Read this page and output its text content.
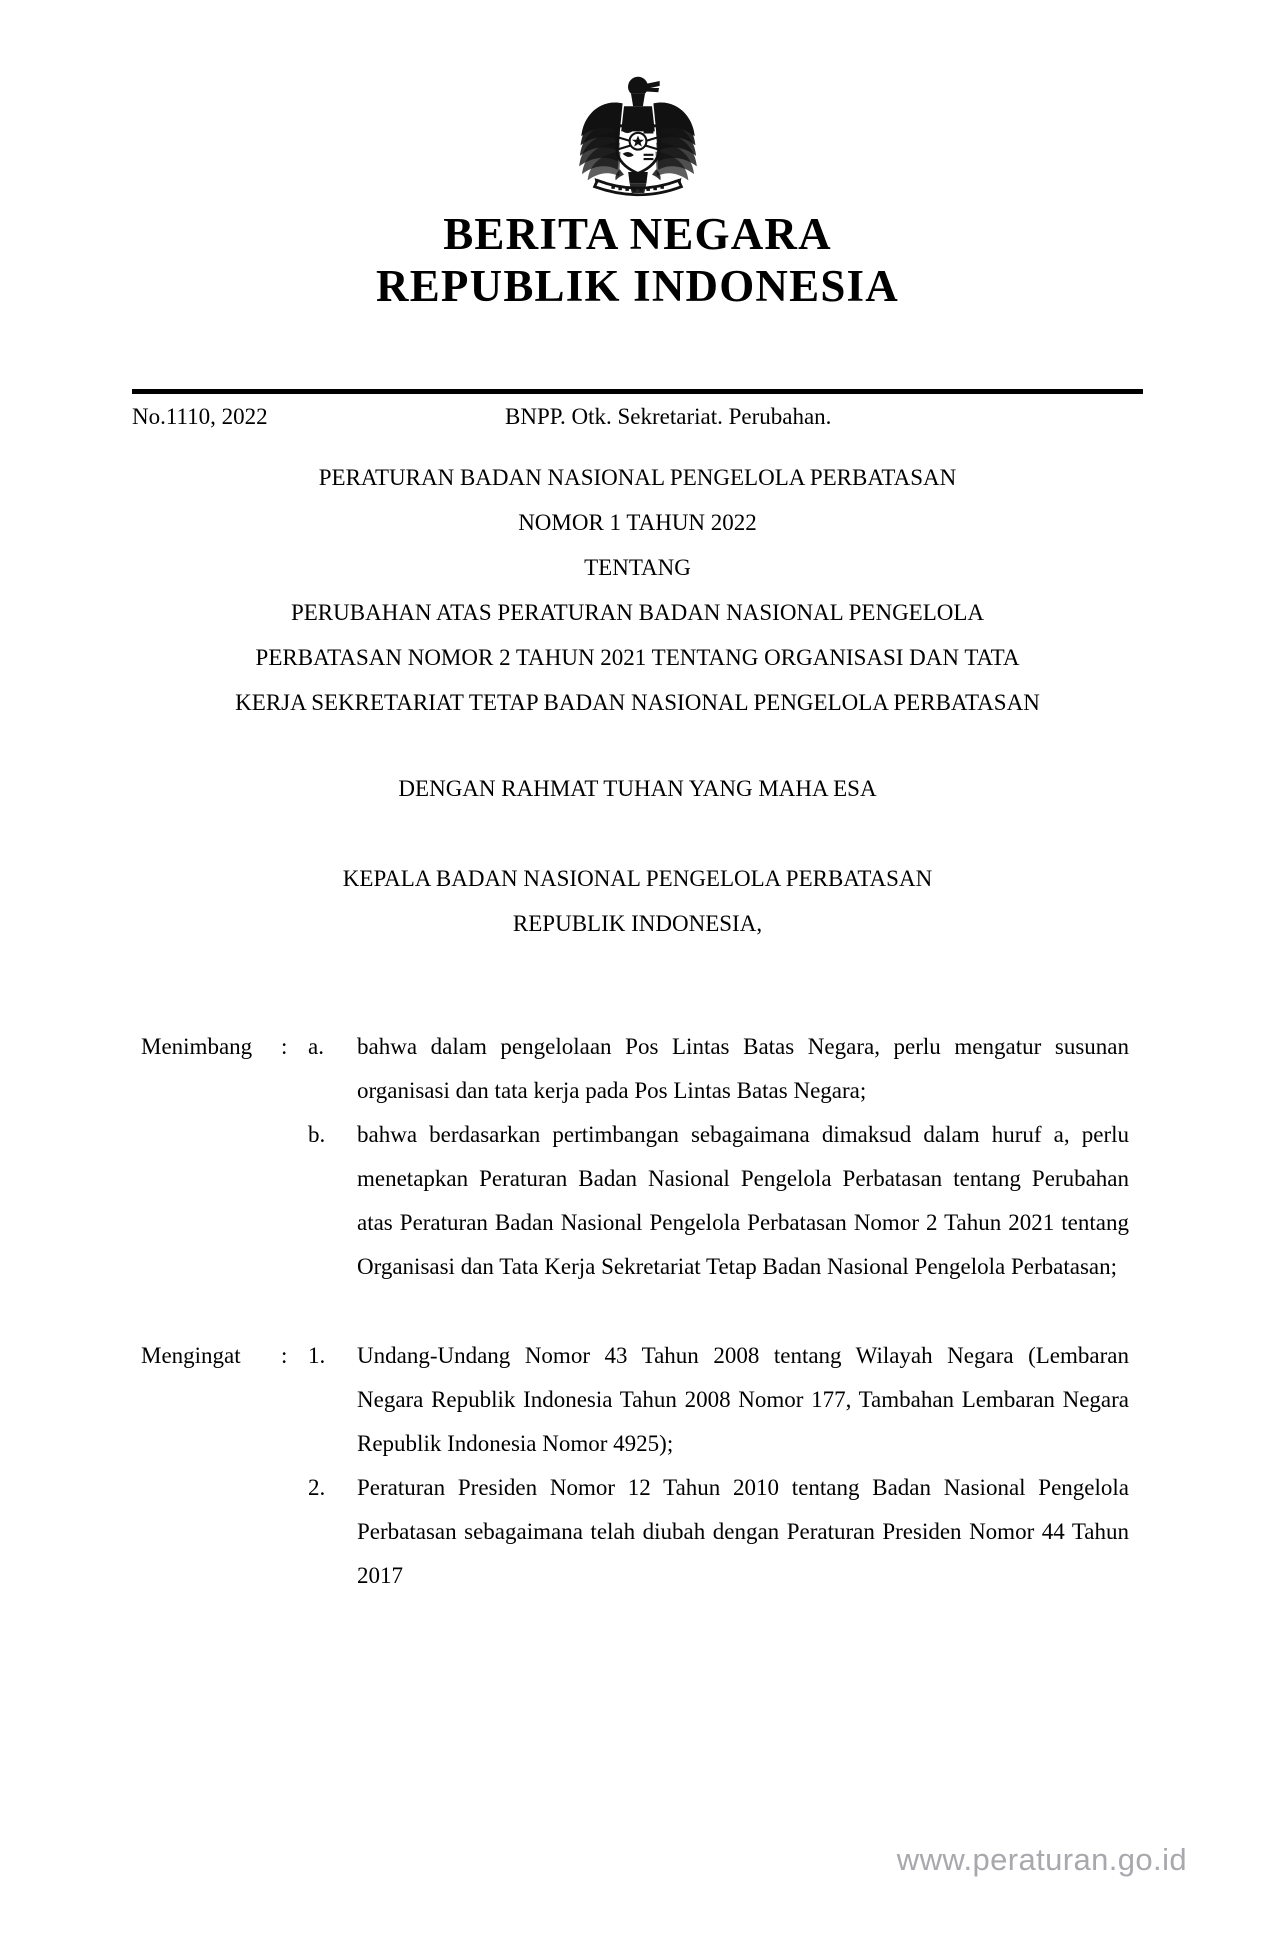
BERITA NEGARA
REPUBLIK INDONESIA
No.1110, 2022	BNPP. Otk. Sekretariat. Perubahan.
PERATURAN BADAN NASIONAL PENGELOLA PERBATASAN
NOMOR 1 TAHUN 2022
TENTANG
PERUBAHAN ATAS PERATURAN BADAN NASIONAL PENGELOLA
PERBATASAN NOMOR 2 TAHUN 2021 TENTANG ORGANISASI DAN TATA
KERJA SEKRETARIAT TETAP BADAN NASIONAL PENGELOLA PERBATASAN
DENGAN RAHMAT TUHAN YANG MAHA ESA
KEPALA BADAN NASIONAL PENGELOLA PERBATASAN
REPUBLIK INDONESIA,
Menimbang	: a.	bahwa dalam pengelolaan Pos Lintas Batas Negara, perlu mengatur susunan organisasi dan tata kerja pada Pos Lintas Batas Negara;
b.	bahwa berdasarkan pertimbangan sebagaimana dimaksud dalam huruf a, perlu menetapkan Peraturan Badan Nasional Pengelola Perbatasan tentang Perubahan atas Peraturan Badan Nasional Pengelola Perbatasan Nomor 2 Tahun 2021 tentang Organisasi dan Tata Kerja Sekretariat Tetap Badan Nasional Pengelola Perbatasan;
Mengingat	: 1.	Undang-Undang Nomor 43 Tahun 2008 tentang Wilayah Negara (Lembaran Negara Republik Indonesia Tahun 2008 Nomor 177, Tambahan Lembaran Negara Republik Indonesia Nomor 4925);
2.	Peraturan Presiden Nomor 12 Tahun 2010 tentang Badan Nasional Pengelola Perbatasan sebagaimana telah diubah dengan Peraturan Presiden Nomor 44 Tahun 2017
www.peraturan.go.id
